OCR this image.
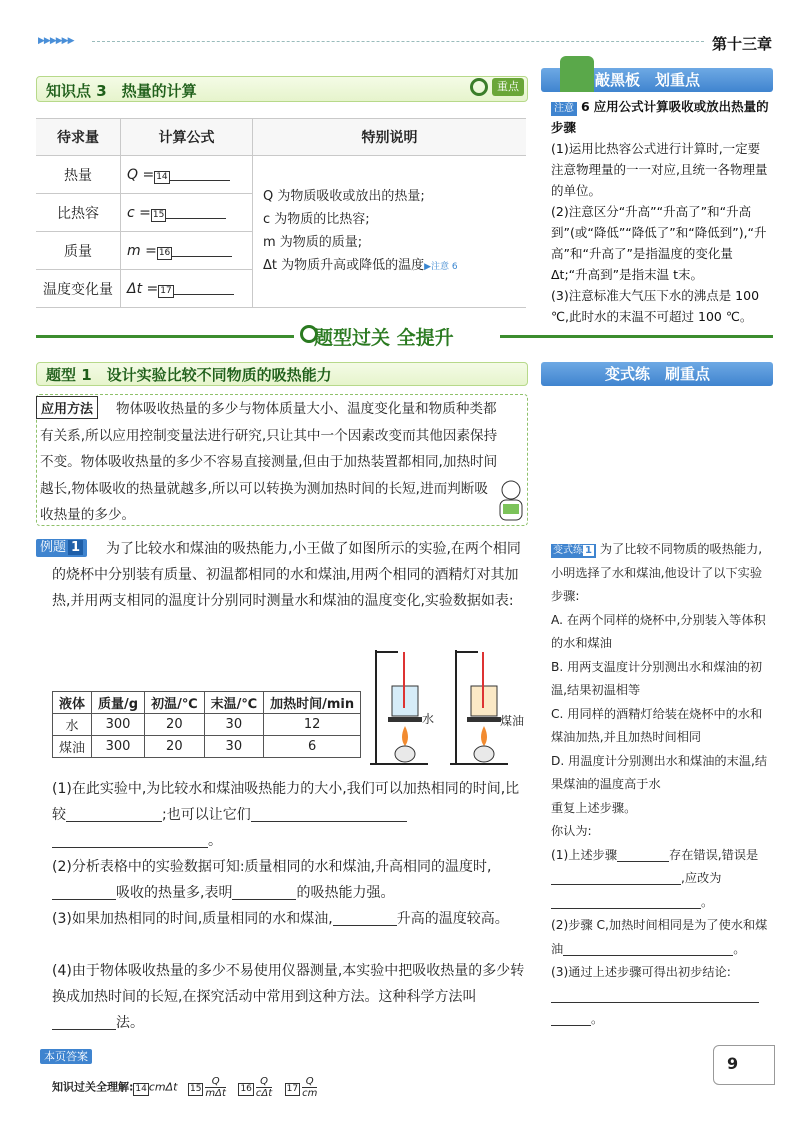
▶▶▶▶▶▶	第十三章
知识点 3　热量的计算	重点
待求量	计算公式	特别说明
热量	Q = 14	Q 为物质吸收或放出的热量;
c 为物质的比热容;
m 为物质的质量;
Δt 为物质升高或降低的温度▶注意 6

比热容	c = 15	
质量	m = 16	
温度变化量	Δt = 17	
敲黑板　划重点
注意 6 应用公式计算吸收或放出热量的步骤
(1)运用比热容公式进行计算时,一定要注意物理量的一一对应,且统一各物理量的单位。
(2)注意区分“升高”“升高了”和“升高到”(或“降低”“降低了”和“降低到”),“升高”和“升高了”是指温度的变化量 Δt;“升高到”是指末温 t末。
(3)注意标准大气压下水的沸点是 100 ℃,此时水的末温不可超过 100 ℃。
题型过关 全提升
题型 1　设计实验比较不同物质的吸热能力	变式练　刷重点
物体吸收热量的多少与物体质量大小、温度变化量和物质种类都有关系,所以应用控制变量法进行研究,只让其中一个因素改变而其他因素保持不变。物体吸收热量的多少不容易直接测量,但由于加热装置都相同,加热时间越长,物体吸收的热量就越多,所以可以转换为测加热时间的长短,进而判断吸收热量的多少。
应用方法
例题 1	为了比较水和煤油的吸热能力,小王做了如图所示的实验,在两个相同的烧杯中分别装有质量、初温都相同的水和煤油,用两个相同的酒精灯对其加热,并用两支相同的温度计分别同时测量水和煤油的温度变化,实验数据如表:
液体	质量/g	初温/℃	末温/℃	加热时间/min
水	300	20	30	12
煤油	300	20	30	6
水	煤油
(1)在此实验中,为比较水和煤油吸热能力的大小,我们可以加热相同的时间,比较	;也可以让它们
。
(2)分析表格中的实验数据可知:质量相同的水和煤油,升高相同的温度时,吸收的热量多,表明	的吸热能力强。
(3)如果加热相同的时间,质量相同的水和煤油,	升高的温度较高。
(4)由于物体吸收热量的多少不易使用仪器测量,本实验中把吸收热量的多少转换成加热时间的长短,在探究活动中常用到这种方法。这种科学方法叫法。
变式练 1 为了比较不同物质的吸热能力,小明选择了水和煤油,他设计了以下实验步骤:
A. 在两个同样的烧杯中,分别装入等体积的水和煤油
B. 用两支温度计分别测出水和煤油的初温,结果初温相等
C. 用同样的酒精灯给装在烧杯中的水和煤油加热,并且加热时间相同
D. 用温度计分别测出水和煤油的末温,结果煤油的温度高于水
重复上述步骤。
你认为:
(1)上述步骤	存在错误,错误是,应改为。
(2)步骤 C,加热时间相同是为了使水和煤油	。
(3)通过上述步骤可得出初步结论:

。
本页答案
知识过关全理解: 14 cmΔt $15 \frac{Q}{\text{mΔt}} 16 \frac{Q}{\text{cΔt}} 17 \frac{Q}{cm}$
9
